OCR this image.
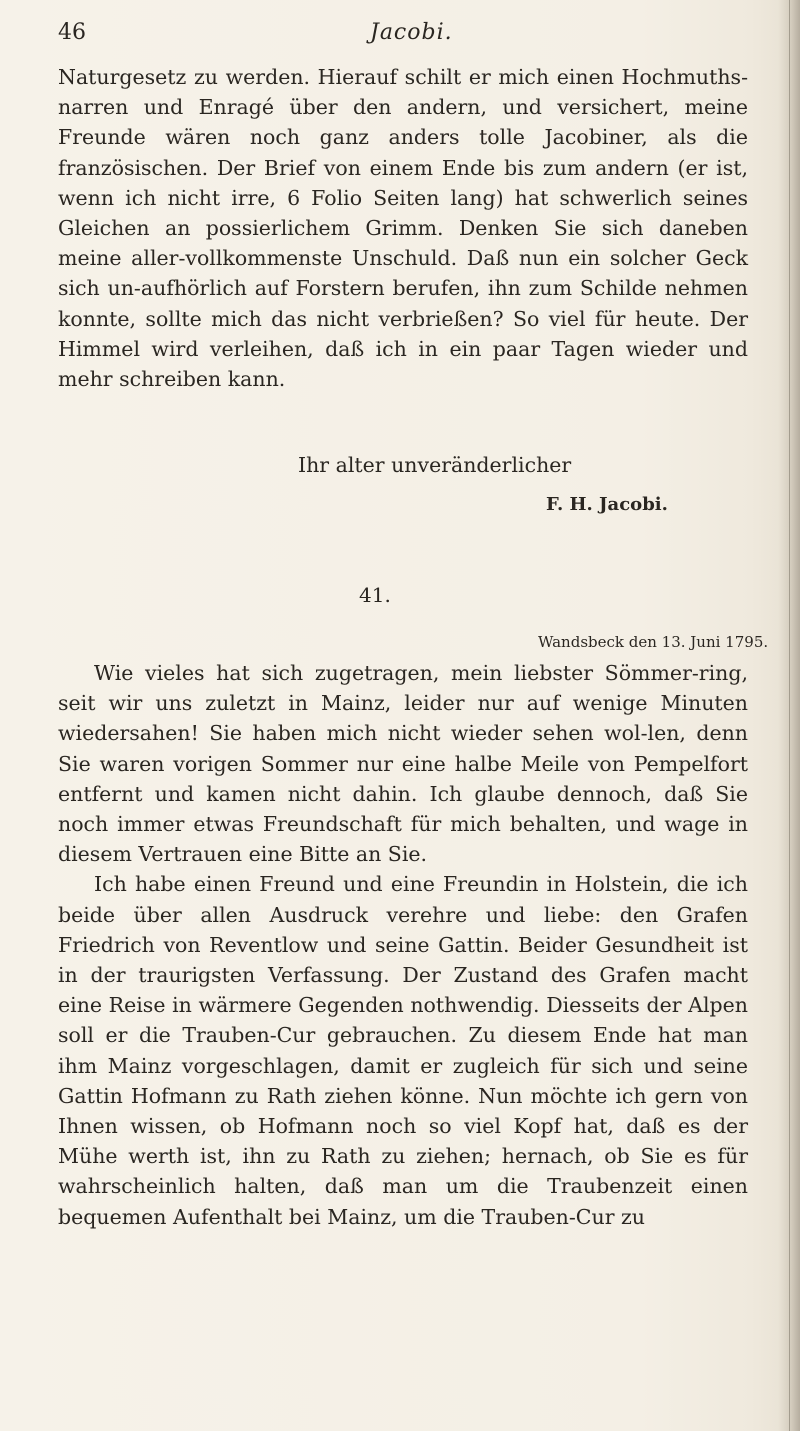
46	Jacobi.

Naturgesetz zu werden. Hierauf schilt er mich einen Hochmuths-narren und Enragé über den andern, und versichert, meine Freunde wären noch ganz anders tolle Jacobiner, als die französischen. Der Brief von einem Ende bis zum andern (er ist, wenn ich nicht irre, 6 Folio Seiten lang) hat schwerlich seines Gleichen an possierlichem Grimm. Denken Sie sich daneben meine aller-vollkommenste Unschuld. Daß nun ein solcher Geck sich un-aufhörlich auf Forstern berufen, ihn zum Schilde nehmen konnte, sollte mich das nicht verbrießen? So viel für heute. Der Himmel wird verleihen, daß ich in ein paar Tagen wieder und mehr schreiben kann.

Ihr alter unveränderlicher
F. H. Jacobi.
41.
Wandsbeck den 13. Juni 1795.

Wie vieles hat sich zugetragen, mein liebster Sömmer-ring, seit wir uns zuletzt in Mainz, leider nur auf wenige Minuten wiedersahen! Sie haben mich nicht wieder sehen wol-len, denn Sie waren vorigen Sommer nur eine halbe Meile von Pempelfort entfernt und kamen nicht dahin. Ich glaube dennoch, daß Sie noch immer etwas Freundschaft für mich behalten, und wage in diesem Vertrauen eine Bitte an Sie.

Ich habe einen Freund und eine Freundin in Holstein, die ich beide über allen Ausdruck verehre und liebe: den Grafen Friedrich von Reventlow und seine Gattin. Beider Gesundheit ist in der traurigsten Verfassung. Der Zustand des Grafen macht eine Reise in wärmere Gegenden nothwendig. Diesseits der Alpen soll er die Trauben-Cur gebrauchen. Zu diesem Ende hat man ihm Mainz vorgeschlagen, damit er zugleich für sich und seine Gattin Hofmann zu Rath ziehen könne. Nun möchte ich gern von Ihnen wissen, ob Hofmann noch so viel Kopf hat, daß es der Mühe werth ist, ihn zu Rath zu ziehen; hernach, ob Sie es für wahrscheinlich halten, daß man um die Traubenzeit einen bequemen Aufenthalt bei Mainz, um die Trauben-Cur zu
